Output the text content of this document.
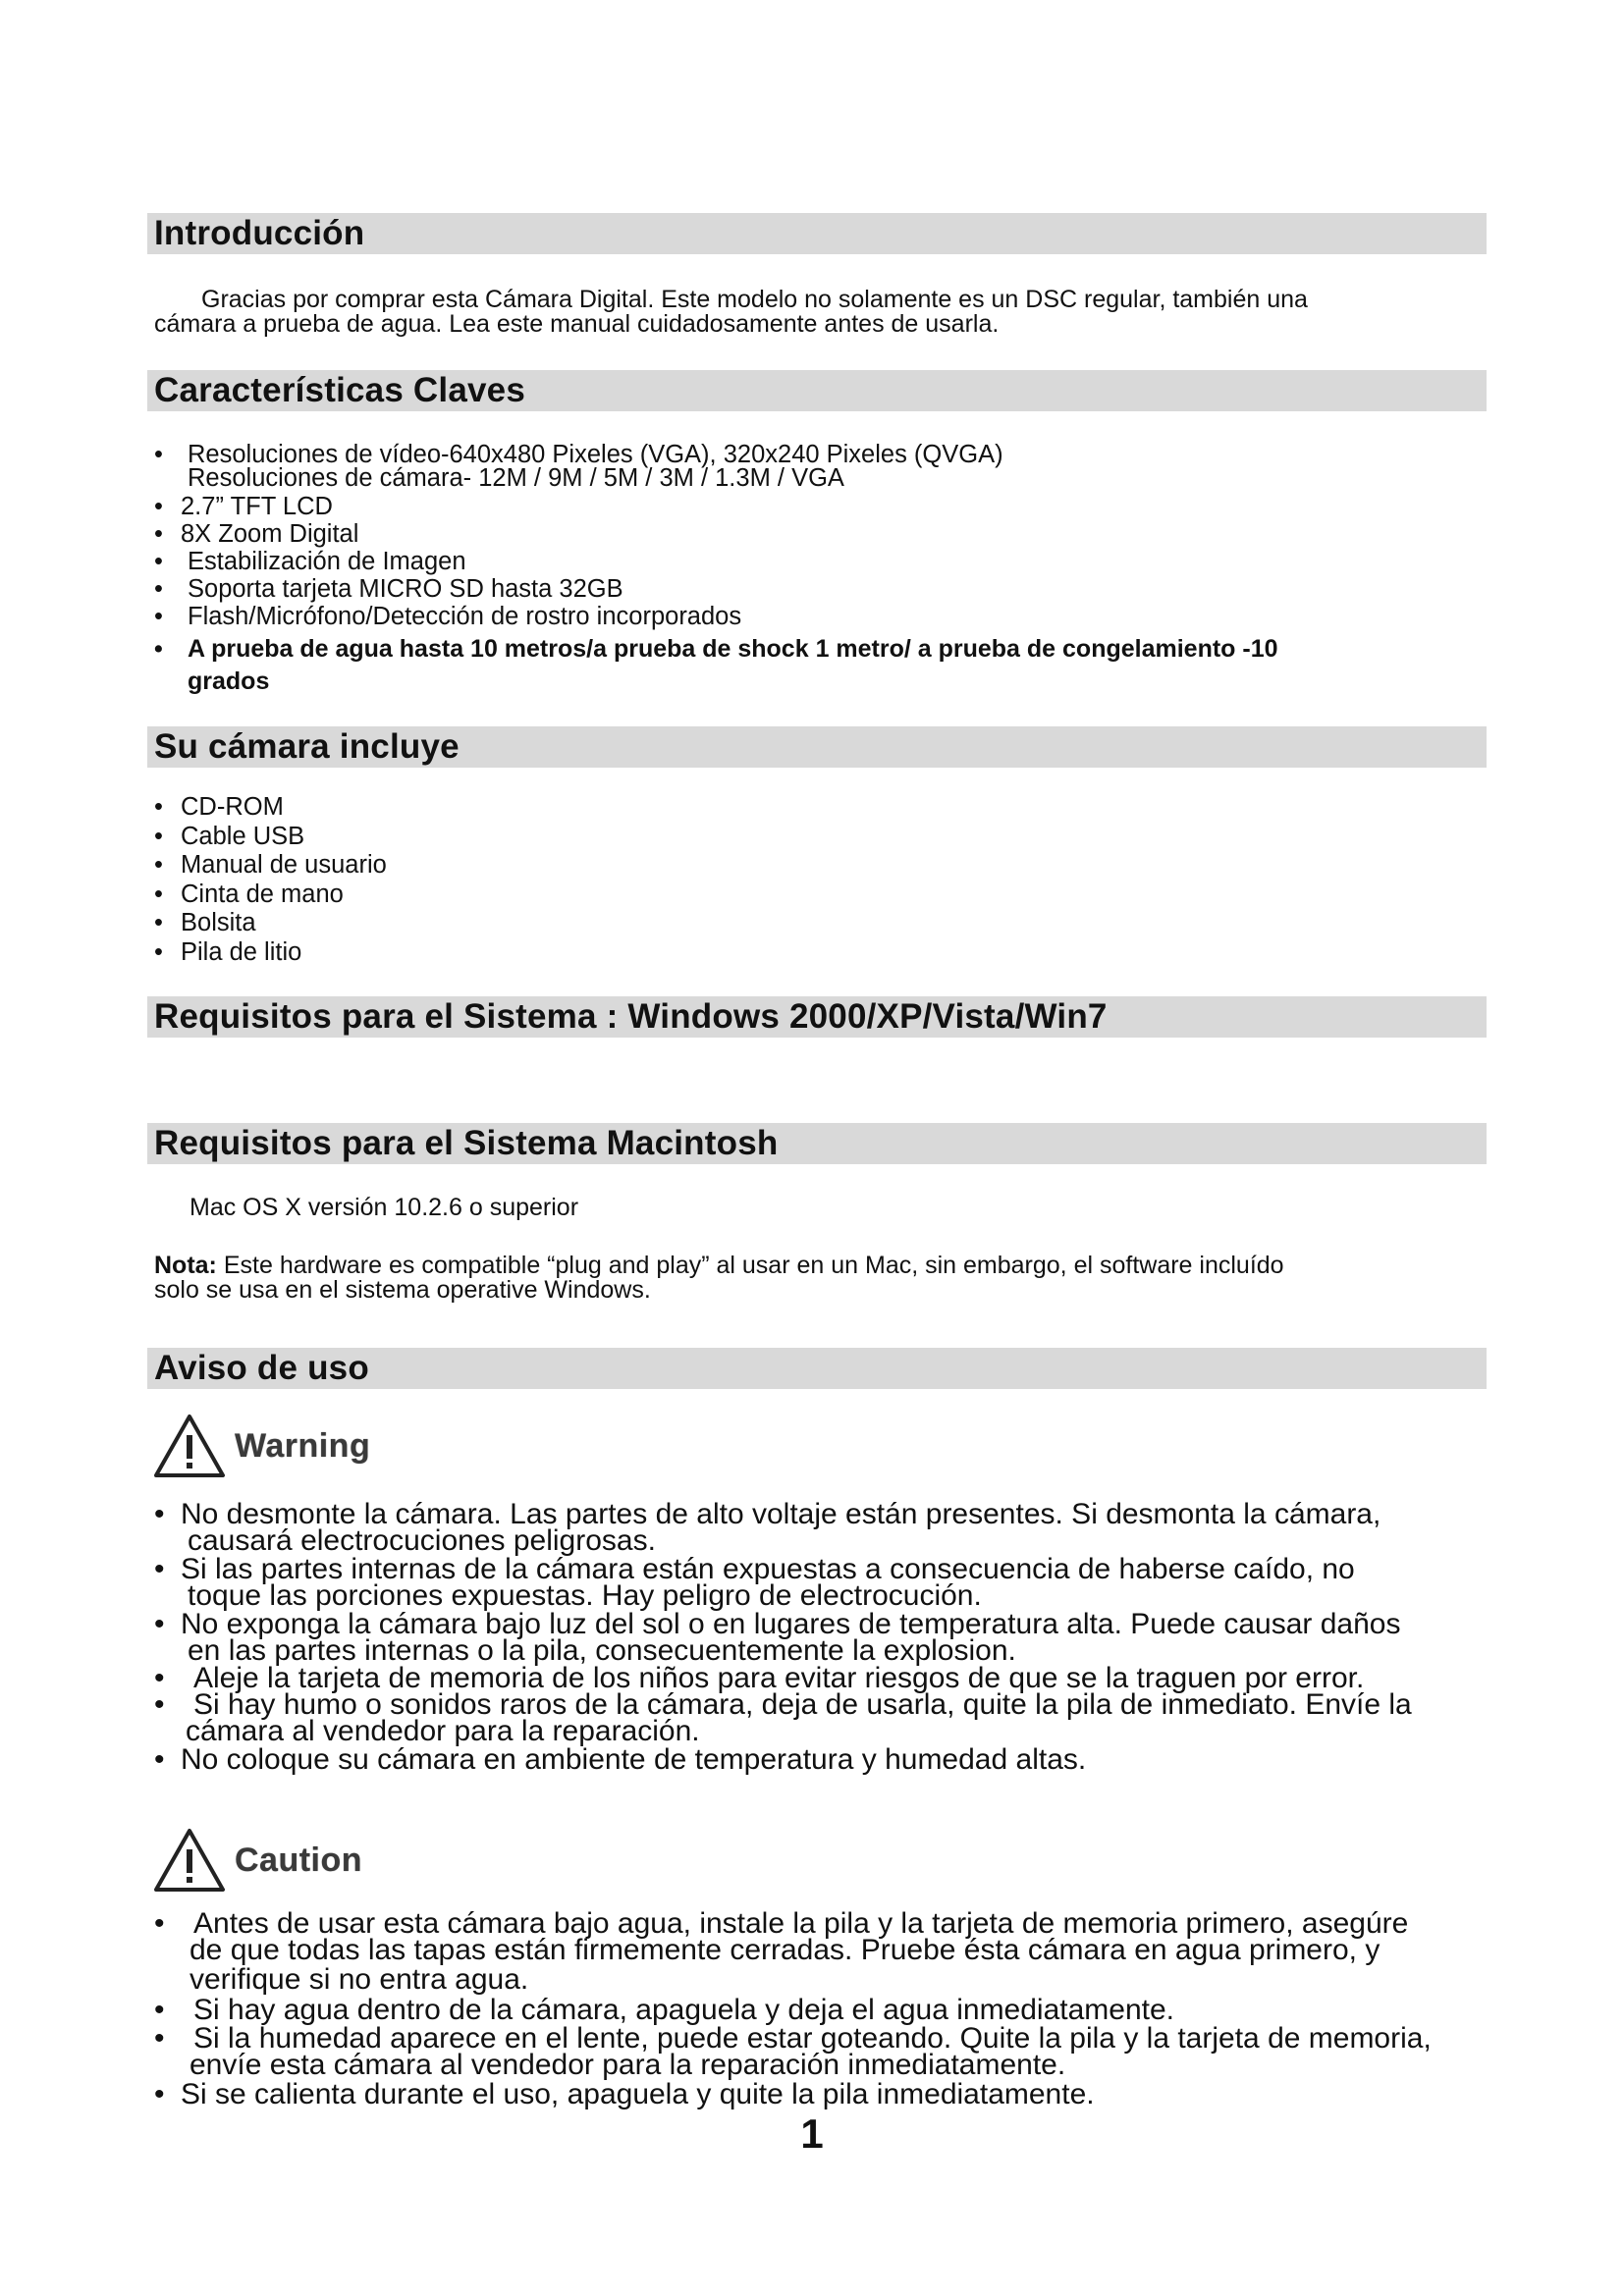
Introducción
Gracias por comprar esta Cámara Digital. Este modelo no solamente es un DSC regular, también una
cámara a prueba de agua. Lea este manual cuidadosamente antes de usarla.
Características Claves
• Resoluciones de vídeo-640x480 Pixeles (VGA), 320x240 Pixeles (QVGA)
Resoluciones de cámara- 12M / 9M / 5M / 3M / 1.3M / VGA
• 2.7” TFT LCD
• 8X Zoom Digital
• Estabilización de Imagen
• Soporta tarjeta MICRO SD hasta 32GB
• Flash/Micrófono/Detección de rostro incorporados
• A prueba de agua hasta 10 metros/a prueba de shock 1 metro/ a prueba de congelamiento -10
grados
Su cámara incluye
• CD-ROM
• Cable USB
• Manual de usuario
• Cinta de mano
• Bolsita
• Pila de litio
Requisitos para el Sistema : Windows 2000/XP/Vista/Win7
Requisitos para el Sistema Macintosh
Mac OS X versión 10.2.6 o superior
Nota: Este hardware es compatible “plug and play” al usar en un Mac, sin embargo, el software incluído
solo se usa en el sistema operative Windows.
Aviso de uso
Warning
• No desmonte la cámara. Las partes de alto voltaje están presentes. Si desmonta la cámara,
causará electrocuciones peligrosas.
• Si las partes internas de la cámara están expuestas a consecuencia de haberse caído, no
toque las porciones expuestas. Hay peligro de electrocución.
• No exponga la cámara bajo luz del sol o en lugares de temperatura alta. Puede causar daños
en las partes internas o la pila, consecuentemente la explosion.
• Aleje la tarjeta de memoria de los niños para evitar riesgos de que se la traguen por error.
• Si hay humo o sonidos raros de la cámara, deja de usarla, quite la pila de inmediato. Envíe la
cámara al vendedor para la reparación.
• No coloque su cámara en ambiente de temperatura y humedad altas.
Caution
• Antes de usar esta cámara bajo agua, instale la pila y la tarjeta de memoria primero, asegúre
de que todas las tapas están firmemente cerradas. Pruebe ésta cámara en agua primero, y
verifique si no entra agua.
• Si hay agua dentro de la cámara, apaguela y deja el agua inmediatamente.
• Si la humedad aparece en el lente, puede estar goteando. Quite la pila y la tarjeta de memoria,
envíe esta cámara al vendedor para la reparación inmediatamente.
• Si se calienta durante el uso, apaguela y quite la pila inmediatamente.
1
